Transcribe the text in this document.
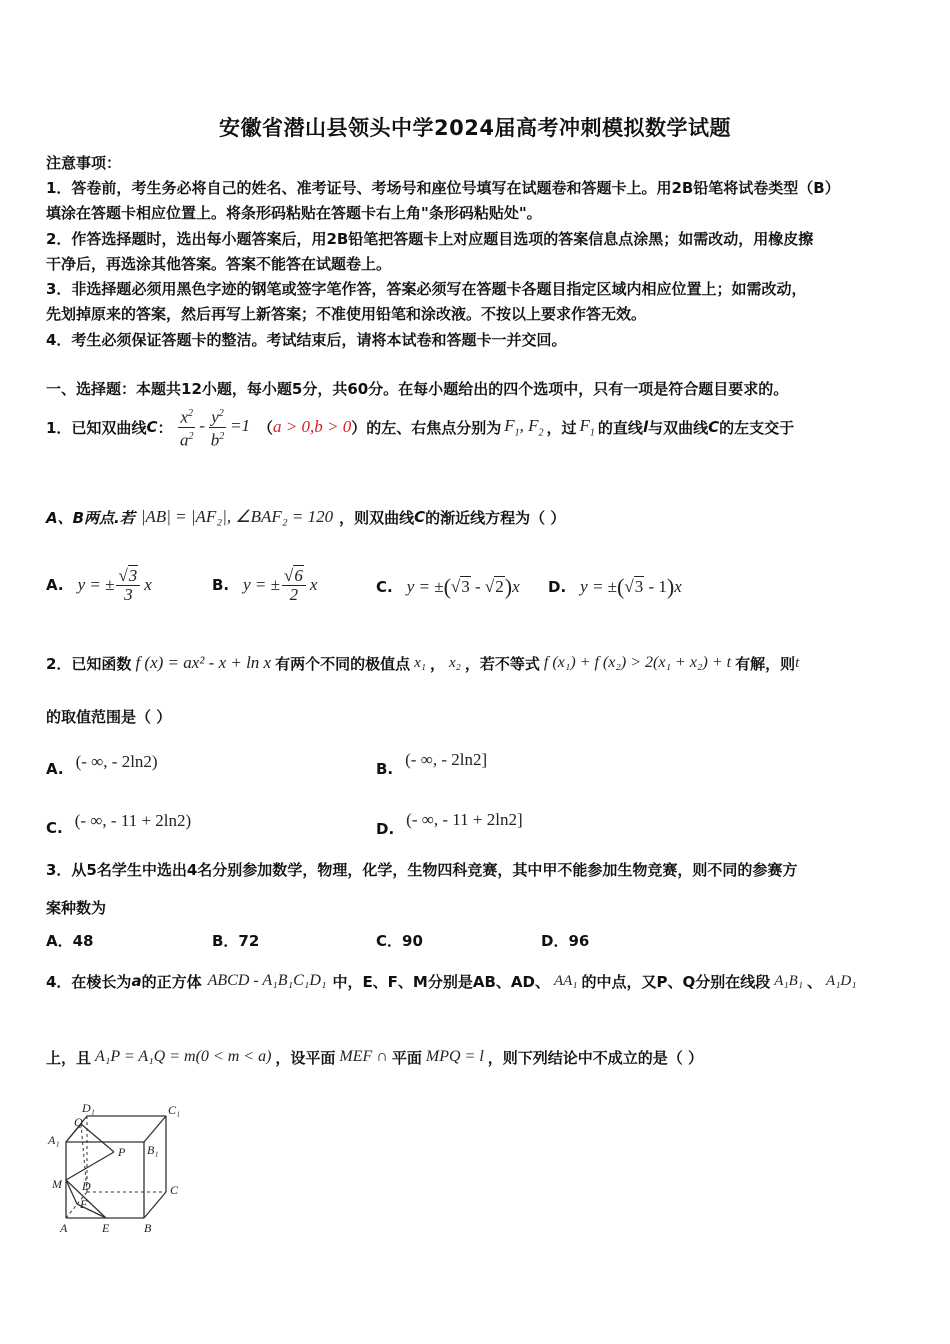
安徽省潜山县领头中学2024届高考冲刺模拟数学试题
注意事项：
1．答卷前，考生务必将自己的姓名、准考证号、考场号和座位号填写在试题卷和答题卡上。用2B铅笔将试卷类型（B）
填涂在答题卡相应位置上。将条形码粘贴在答题卡右上角"条形码粘贴处"。
2．作答选择题时，选出每小题答案后，用2B铅笔把答题卡上对应题目选项的答案信息点涂黑；如需改动，用橡皮擦
干净后，再选涂其他答案。答案不能答在试题卷上。
3．非选择题必须用黑色字迹的钢笔或签字笔作答，答案必须写在答题卡各题目指定区域内相应位置上；如需改动，
先划掉原来的答案，然后再写上新答案；不准使用铅笔和涂改液。不按以上要求作答无效。
4．考生必须保证答题卡的整洁。考试结束后，请将本试卷和答题卡一并交回。
一、选择题：本题共12小题，每小题5分，共60分。在每小题给出的四个选项中，只有一项是符合题目要求的。
1．已知双曲线 C ： $\frac{x^2}{a^2} - \frac{y^2}{b^2} =1$ （ a > 0,b > 0 ） 的左、右焦点分别为 $F_1$, $F_2$ ，过 $F_1$ 的直线 l 与双曲线 C 的左支交于
A、B两点.若 |AB| = |AF₂|, ∠BAF₂ = 120 ，则双曲线 C 的渐近线方程为（ ）
A. y = ± $\frac{√3}{3}$ x	B. y = ± $\frac{√6}{2}$ x	C. y = ± ( √3 - √2 ) x D. y = ± ( √3 - 1 ) x
2．已知函数 f (x) = ax² - x + ln x 有两个不同的极值点 x₁ ， x₂ ，若不等式 f (x₁) + f (x₂) > 2(x₁ + x₂) + t 有解，则 t
的取值范围是（ ）
A. (- ∞, - 2ln2)	B. (- ∞, - 2ln2]
C. (- ∞, - 11 + 2ln2)	D. (- ∞, - 11 + 2ln2]
3．从5名学生中选出4名分别参加数学，物理，化学，生物四科竞赛，其中甲不能参加生物竞赛，则不同的参赛方
案种数为
A．48	B．72	C．90	D．96
4．在棱长为 a 的正方体 ABCD - A₁B₁C₁D₁ 中，E、F、M分别是AB、AD、 AA₁ 的中点，又P、Q分别在线段 A₁B₁ 、 A₁D₁
上，且 A₁P = A₁Q = m(0 < m < a) ，设平面 MEF ∩ 平面 MPQ = l ，则下列结论中不成立的是（ ）
D₁	C₁
A₁
Q
P B₁
M D	C
F
A	E	B
